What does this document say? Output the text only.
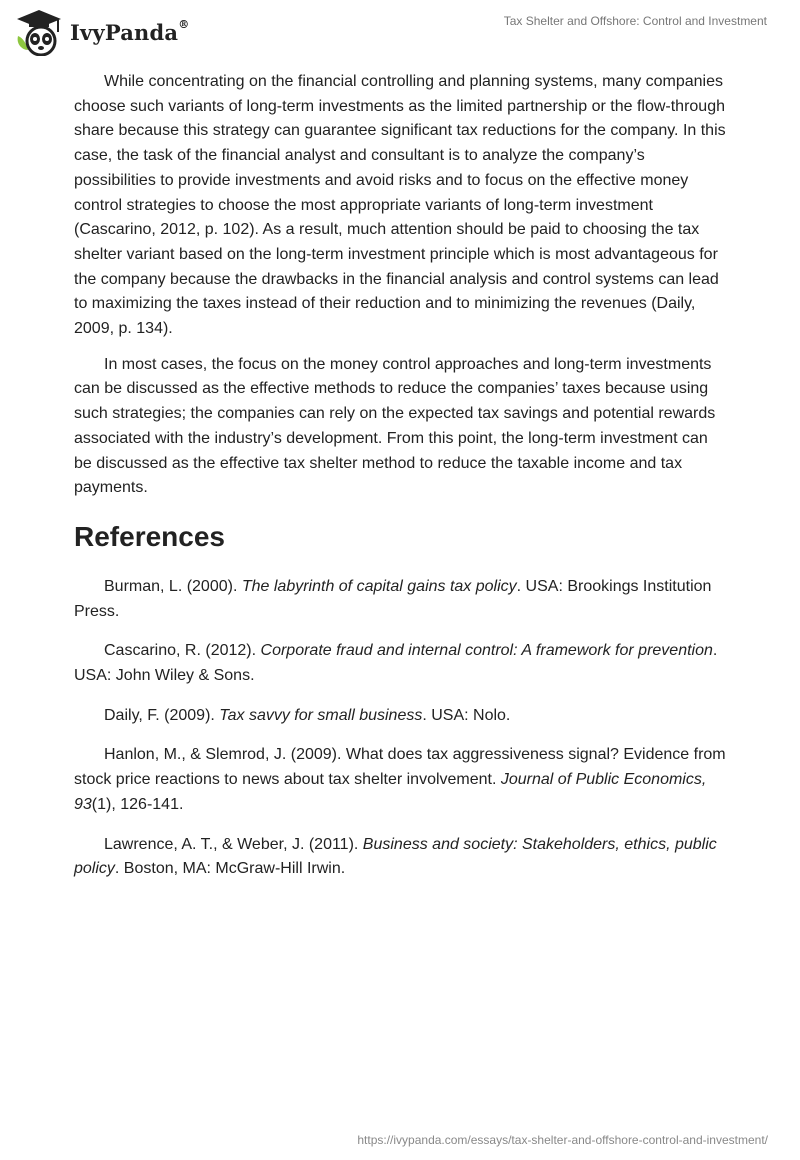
IvyPanda®	Tax Shelter and Offshore: Control and Investment

While concentrating on the financial controlling and planning systems, many companies choose such variants of long-term investments as the limited partnership or the flow-through share because this strategy can guarantee significant tax reductions for the company. In this case, the task of the financial analyst and consultant is to analyze the company’s possibilities to provide investments and avoid risks and to focus on the effective money control strategies to choose the most appropriate variants of long-term investment (Cascarino, 2012, p. 102). As a result, much attention should be paid to choosing the tax shelter variant based on the long-term investment principle which is most advantageous for the company because the drawbacks in the financial analysis and control systems can lead to maximizing the taxes instead of their reduction and to minimizing the revenues (Daily, 2009, p. 134).

In most cases, the focus on the money control approaches and long-term investments can be discussed as the effective methods to reduce the companies’ taxes because using such strategies; the companies can rely on the expected tax savings and potential rewards associated with the industry’s development. From this point, the long-term investment can be discussed as the effective tax shelter method to reduce the taxable income and tax payments.

References

Burman, L. (2000). The labyrinth of capital gains tax policy. USA: Brookings Institution Press.

Cascarino, R. (2012). Corporate fraud and internal control: A framework for prevention. USA: John Wiley & Sons.

Daily, F. (2009). Tax savvy for small business. USA: Nolo.

Hanlon, M., & Slemrod, J. (2009). What does tax aggressiveness signal? Evidence from stock price reactions to news about tax shelter involvement. Journal of Public Economics, 93(1), 126-141.

Lawrence, A. T., & Weber, J. (2011). Business and society: Stakeholders, ethics, public policy. Boston, MA: McGraw-Hill Irwin.

https://ivypanda.com/essays/tax-shelter-and-offshore-control-and-investment/
